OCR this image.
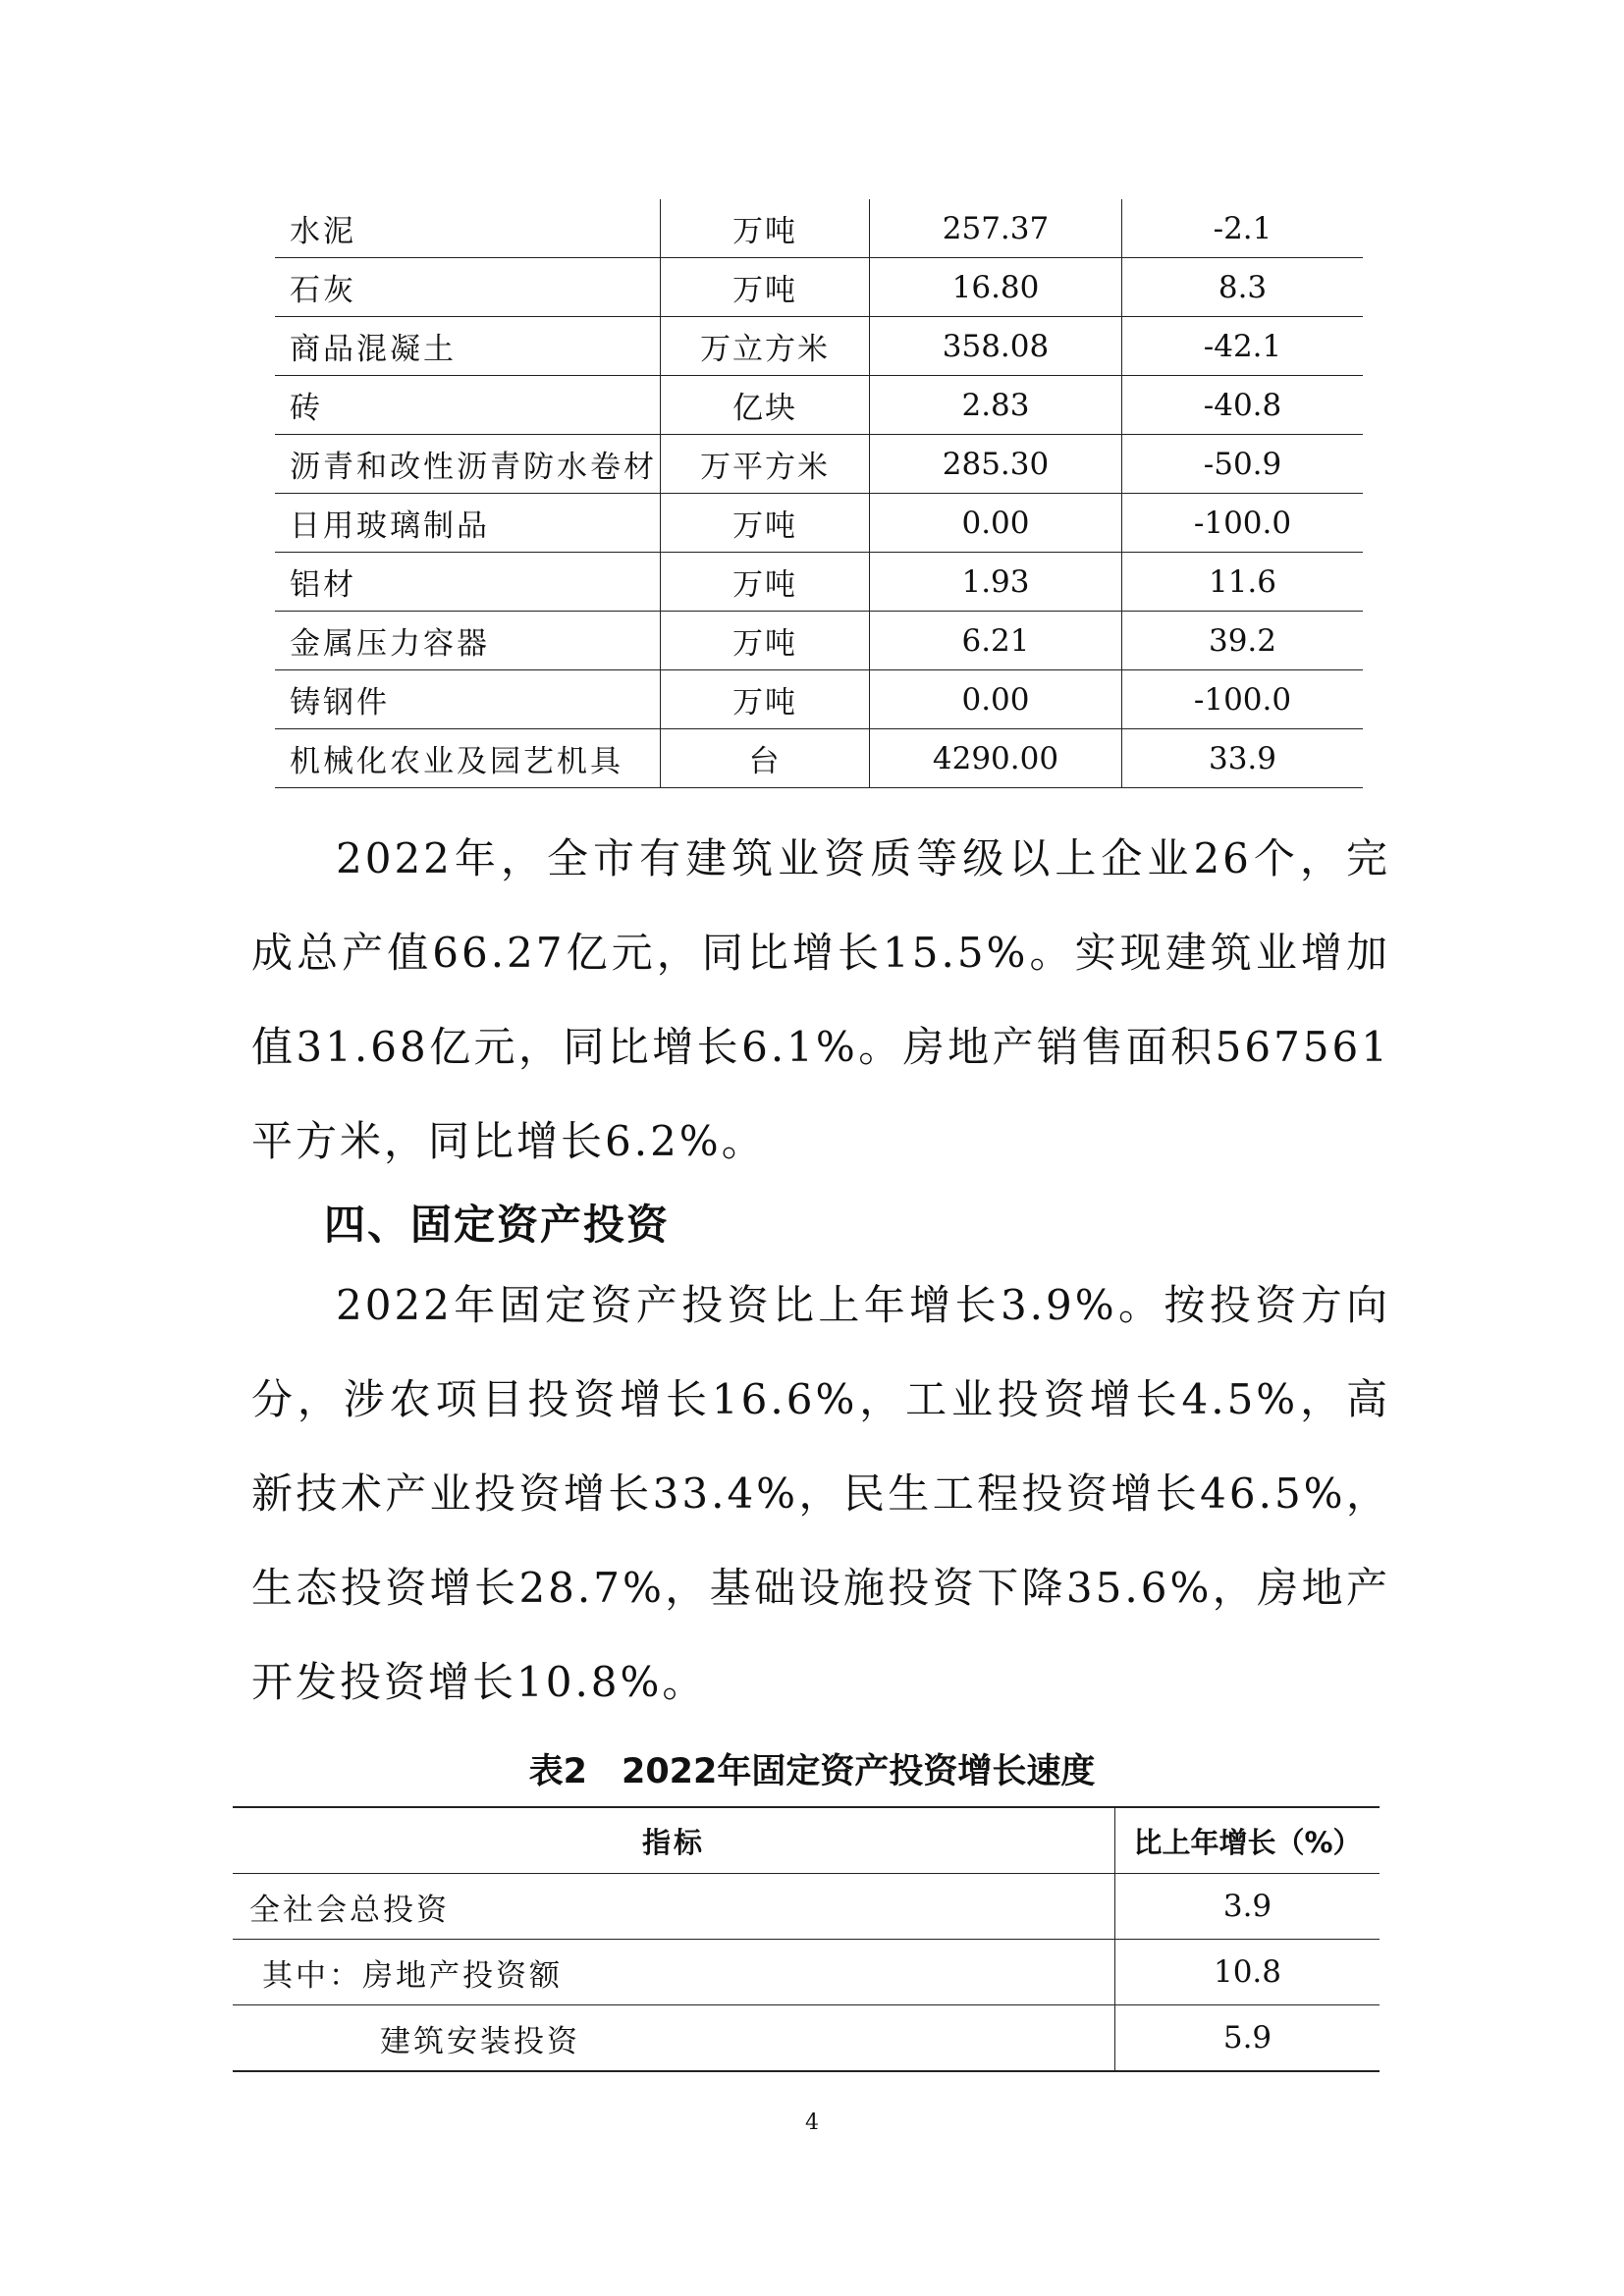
水泥	万吨	257.37	-2.1
石灰	万吨	16.80	8.3
商品混凝土	万立方米	358.08	-42.1
砖	亿块	2.83	-40.8
沥青和改性沥青防水卷材	万平方米	285.30	-50.9
日用玻璃制品	万吨	0.00	-100.0
铝材	万吨	1.93	11.6
金属压力容器	万吨	6.21	39.2
铸钢件	万吨	0.00	-100.0
机械化农业及园艺机具	台	4290.00	33.9

2022年，全市有建筑业资质等级以上企业26个，完成总产值66.27亿元，同比增长15.5%。实现建筑业增加值31.68亿元，同比增长6.1%。房地产销售面积567561平方米，同比增长6.2%。

四、固定资产投资

2022年固定资产投资比上年增长3.9%。按投资方向分，涉农项目投资增长16.6%，工业投资增长4.5%，高新技术产业投资增长33.4%，民生工程投资增长46.5%，生态投资增长28.7%，基础设施投资下降35.6%，房地产开发投资增长10.8%。

表2　2022年固定资产投资增长速度

指标	比上年增长（%）
全社会总投资	3.9
其中：房地产投资额	10.8
建筑安装投资	5.9

4
